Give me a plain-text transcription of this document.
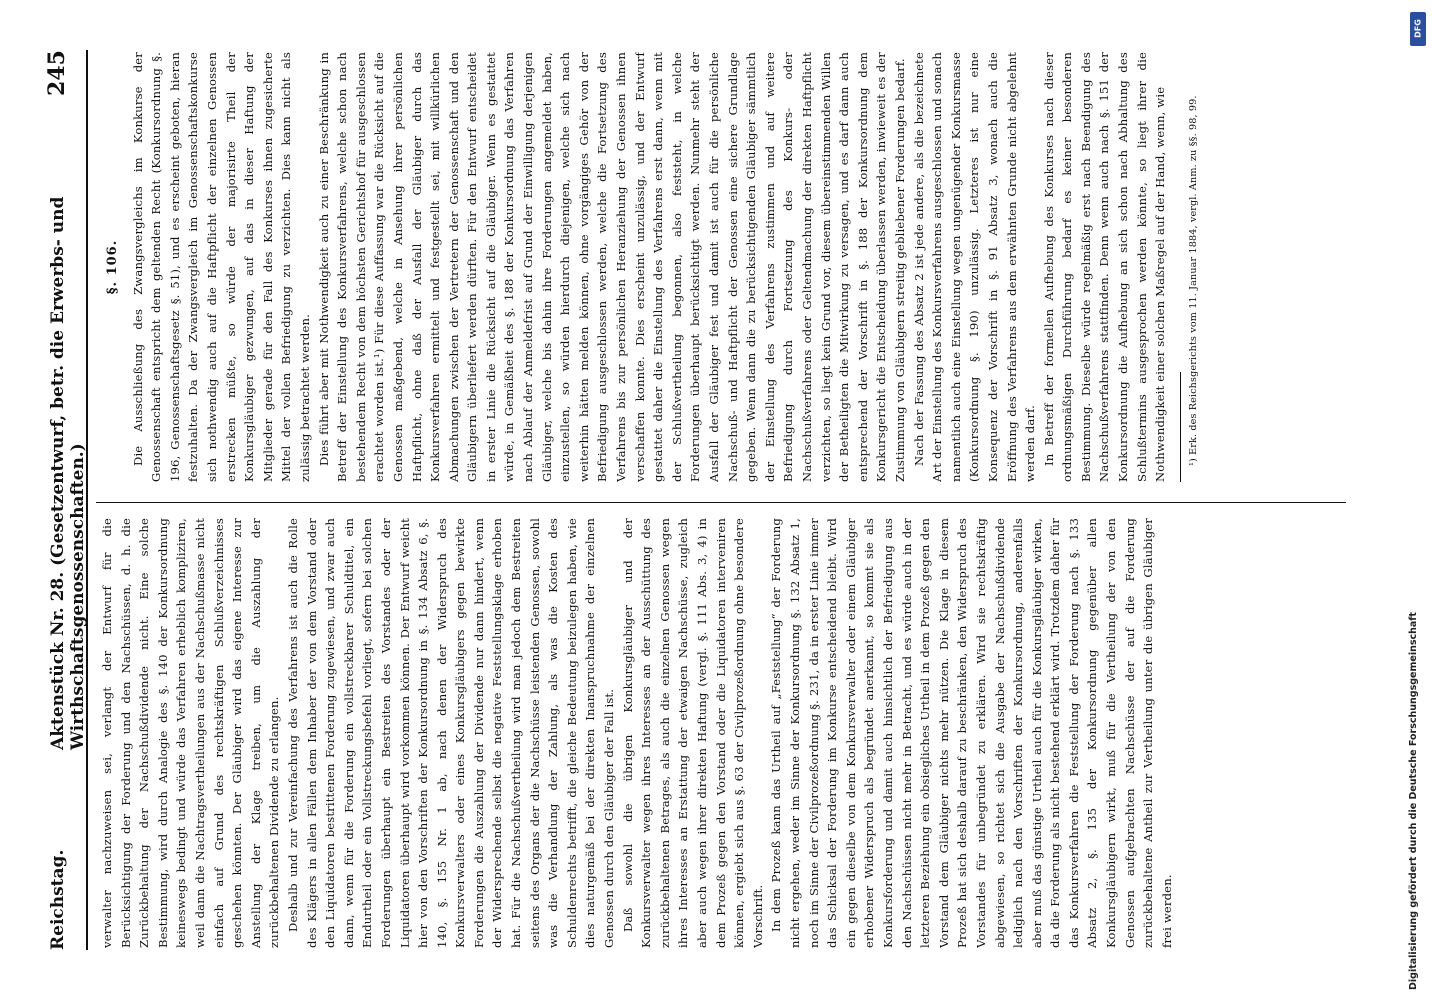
Reichstag.
Aktenstück Nr. 28. (Gesetzentwurf, betr. die Erwerbs- und Wirthschaftsgenossenschaften.)
245

verwalter nachzuweisen sei, verlangt der Entwurf für die Berücksichtigung der Forderung und den Nachschüssen, d. h. die Zurückbehaltung der Nachschußdividende nicht. Eine solche Bestimmung, wird durch Analogie des §. 140 der Konkursordnung keineswegs bedingt und würde das Verfahren erheblich kompliziren, weil dann die Nachtragsvertheilungen aus der Nachschußmasse nicht einfach auf Grund des rechtskräftigen Schlußverzeichnisses geschehen könnten. Der Gläubiger wird das eigene Interesse zur Anstellung der Klage treiben, um die Auszahlung der zurückbehaltenen Dividende zu erlangen. Deshalb und zur Vereinfachung des Verfahrens ist auch die Rolle des Klägers in allen Fällen dem Inhaber der von dem Vorstand oder den Liquidatoren bestrittenen Forderung zugewiesen, und zwar auch dann, wenn für die Forderung ein vollstreckbarer Schuldtitel, ein Endurtheil oder ein Vollstreckungsbefehl vorliegt, sofern bei solchen Forderungen überhaupt ein Bestreiten des Vorstandes oder der Liquidatoren überhaupt wird vorkommen können. Der Entwurf weicht hier von den Vorschriften der Konkursordnung in §. 134 Absatz 6, §. 140, §. 155 Nr. 1 ab, nach denen der Widerspruch des Konkursverwalters oder eines Konkursgläubigers gegen bewirkte Forderungen die Auszahlung der Dividende nur dann hindert, wenn der Widersprechende selbst die negative Feststellungsklage erhoben hat. Für die Nachschußvertheilung wird man jedoch dem Bestreiten seitens des Organs der die Nachschüsse leistenden Genossen, sowohl was die Verhandlung der Zahlung, als was die Kosten des Schuldenrechts betrifft, die gleiche Bedeutung beizulegen haben, wie dies naturgemäß bei der direkten Inanspruchnahme der einzelnen Genossen durch den Gläubiger der Fall ist. Daß sowohl die übrigen Konkursgläubiger und der Konkursverwalter wegen ihres Interesses an der Ausschüttung des zurückbehaltenen Betrages, als auch die einzelnen Genossen wegen ihres Interesses an Erstattung der etwaigen Nachschüsse, zugleich aber auch wegen ihrer direkten Haftung (vergl. §. 111 Abs. 3, 4) in dem Prozeß gegen den Vorstand oder die Liquidatoren interveniren können, ergiebt sich aus §. 63 der Civilprozeßordnung ohne besondere Vorschrift. In dem Prozeß kann das Urtheil auf „Feststellung“ der Forderung nicht ergehen, weder im Sinne der Konkursordnung §. 132 Absatz 1, noch im Sinne der Civilprozeßordnung §. 231, da in erster Linie immer das Schicksal der Forderung im Konkurse entscheidend bleibt. Wird ein gegen dieselbe von dem Konkursverwalter oder einem Gläubiger erhobener Widerspruch als begründet anerkannt, so kommt sie als Konkursforderung und damit auch hinsichtlich der Befriedigung aus den Nachschüssen nicht mehr in Betracht, und es würde auch in der letzteren Beziehung ein obsiegliches Urtheil in dem Prozeß gegen den Vorstand dem Gläubiger nichts mehr nützen. Die Klage in diesem Prozeß hat sich deshalb darauf zu beschränken, den Widerspruch des Vorstandes für unbegründet zu erklären. Wird sie rechtskräftig abgewiesen, so richtet sich die Ausgabe der Nachschußdividende lediglich nach den Vorschriften der Konkursordnung, anderenfalls aber muß das günstige Urtheil auch für die Konkursgläubiger wirken, da die Forderung als nicht bestehend erklärt wird. Trotzdem daher für das Konkursverfahren die Feststellung der Forderung nach §. 133 Absatz 2, §. 135 der Konkursordnung gegenüber allen Konkursgläubigern wirkt, muß für die Vertheilung der von den Genossen aufgebrachten Nachschüsse der auf die Forderung zurückbehaltene Antheil zur Vertheilung unter die übrigen Gläubiger frei werden.

§. 106. Die Ausschließung des Zwangsvergleichs im Konkurse der Genossenschaft entspricht dem geltenden Recht (Konkursordnung §. 196, Genossenschaftsgesetz §. 51), und es erscheint geboten, hieran festzuhalten. Da der Zwangsvergleich im Genossenschaftskonkurse sich nothwendig auch auf die Haftpflicht der einzelnen Genossen erstrecken müßte, so würde der majorisirte Theil der Konkursgläubiger gezwungen, auf das in dieser Haftung der Mitglieder gerade für den Fall des Konkurses ihnen zugesicherte Mittel der vollen Befriedigung zu verzichten. Dies kann nicht als zulässig betrachtet werden. Dies führt aber mit Nothwendigkeit auch zu einer Beschränkung in Betreff der Einstellung des Konkursverfahrens, welche schon nach bestehendem Recht von dem höchsten Gerichtshof für ausgeschlossen erachtet worden ist.¹) Für diese Auffassung war die Rücksicht auf die Genossen maßgebend, welche in Ansehung ihrer persönlichen Haftpflicht, ohne daß der Ausfall der Gläubiger durch das Konkursverfahren ermittelt und festgestellt sei, mit willkürlichen Abmachungen zwischen der Vertretern der Genossenschaft und den Gläubigern überliefert werden dürften. Für den Entwurf entscheidet in erster Linie die Rücksicht auf die Gläubiger. Wenn es gestattet würde, in Gemäßheit des §. 188 der Konkursordnung das Verfahren nach Ablauf der Anmeldefrist auf Grund der Einwilligung derjenigen Gläubiger, welche bis dahin ihre Forderungen angemeldet haben, einzustellen, so würden hierdurch diejenigen, welche sich nach weiterhin hätten melden können, ohne vorgängiges Gehör von der Befriedigung ausgeschlossen werden, welche die Fortsetzung des Verfahrens bis zur persönlichen Heranziehung der Genossen ihnen verschaffen konnte. Dies erscheint unzulässig, und der Entwurf gestattet daher die Einstellung des Verfahrens erst dann, wenn mit der Schlußvertheilung begonnen, also feststeht, in welche Forderungen überhaupt berücksichtigt werden. Nunmehr steht der Ausfall der Gläubiger fest und damit ist auch für die persönliche Nachschuß- und Haftpflicht der Genossen eine sichere Grundlage gegeben. Wenn dann die zu berücksichtigenden Gläubiger sämmtlich der Einstellung des Verfahrens zustimmen und auf weitere Befriedigung durch Fortsetzung des Konkurs- oder Nachschußverfahrens oder Geltendmachung der direkten Haftpflicht verzichten, so liegt kein Grund vor, diesem übereinstimmenden Willen der Betheiligten die Mitwirkung zu versagen, und es darf dann auch entsprechend der Vorschrift in §. 188 der Konkursordnung dem Konkursgericht die Entscheidung überlassen werden, inwieweit es der Zustimmung von Gläubigern streitig gebliebener Forderungen bedarf. Nach der Fassung des Absatz 2 ist jede andere, als die bezeichnete Art der Einstellung des Konkursverfahrens ausgeschlossen und sonach namentlich auch eine Einstellung wegen ungenügender Konkursmasse (Konkursordnung §. 190) unzulässig. Letzteres ist nur eine Konsequenz der Vorschrift in §. 91 Absatz 3, wonach auch die Eröffnung des Verfahrens aus dem erwähnten Grunde nicht abgelehnt werden darf. In Betreff der formellen Aufhebung des Konkurses nach dieser ordnungsmäßigen Durchführung bedarf es keiner besonderen Bestimmung. Dieselbe würde regelmäßig erst nach Beendigung des Nachschußverfahrens stattfinden. Denn wenn auch nach §. 151 der Konkursordnung die Aufhebung an sich schon nach Abhaltung des Schlußtermins ausgesprochen werden könnte, so liegt ihrer die Nothwendigkeit einer solchen Maßregel auf der Hand, wenn, wie ¹) Erk. des Reichsgerichts vom 11. Januar 1884, vergl. Anm. zu §§. 98, 99.

Digitalisierung gefördert durch die Deutsche Forschungsgemeinschaft
DFG
